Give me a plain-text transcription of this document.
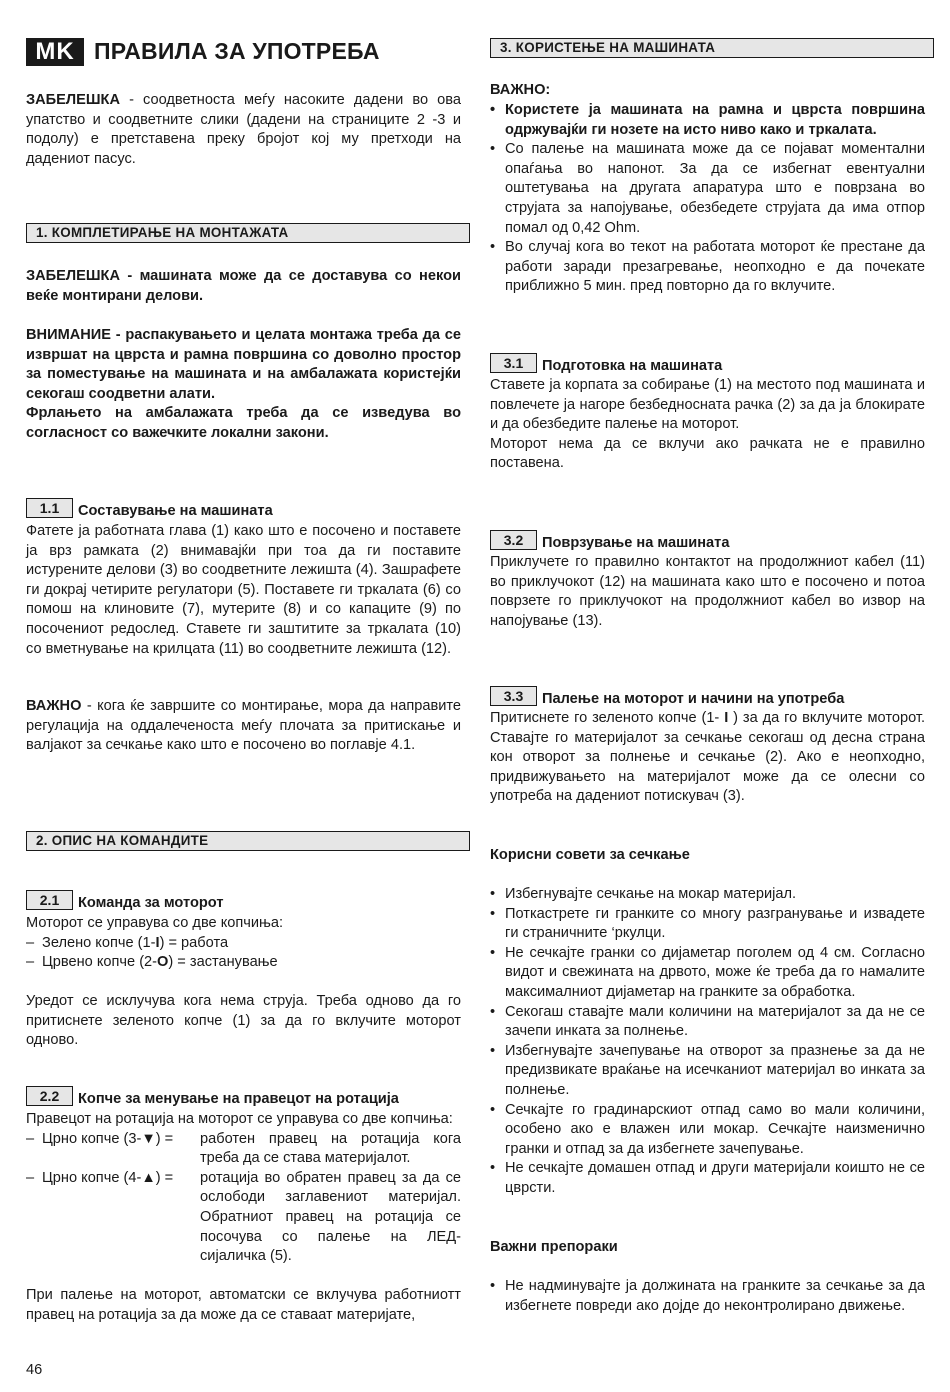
MK ПРАВИЛА ЗА УПОТРЕБА

ЗАБЕЛЕШКА - соодветноста меѓу насоките дадени во ова упатство и соодветните слики (дадени на страниците 2 -3 и подолу) е претставена преку бројот кој му претходи на дадениот пасус.

1. КОМПЛЕТИРАЊЕ НА МОНТАЖАТА

ЗАБЕЛЕШКА - машината може да се доставува со некои веќе монтирани делови.

ВНИМАНИЕ - распакувањето и целата монтажа треба да се извршат на цврста и рамна површина со доволно простор за поместување на машината и на амбалажата користејќи секогаш соодветни алати.

Фрлањето на амбалажата треба да се изведува во согласност со важечките локални закони.

1.1	Составување на машината

Фатете ја работната глава (1) како што е посочено и поставете ја врз рамката (2) внимавајќи при тоа да ги поставите истурените делови (3) во соодветните лежишта (4). Зашрафете ги докрај четирите регулатори (5). Поставете ги тркалата (6) со помош на клиновите (7), мутерите (8) и со капаците (9) по посочениот редослед. Ставете ги заштитите за тркалата (10) со вметнување на крилцата (11) во соодветните лежишта (12).

ВАЖНО - кога ќе завршите со монтирање, мора да направите регулација на оддалеченоста меѓу плочата за притискање и валјакот за сечкање како што е посочено во поглавје 4.1.

2. ОПИС НА КОМАНДИТЕ
2.1	Команда за моторот

Моторот се управува со две копчиња:

– Зелено копче (1-I) = работа
– Црвено копче (2-O) = застанување

Уредот се исклучува кога нема струја. Треба одново да го притиснете зеленото копче (1) за да го вклучите моторот одново.

2.2	Копче за менување на правецот на ротација

Правецот на ротација на моторот се управува со две копчиња:

– Црно копче (3-▼) =	работен правец на ротација кога треба да се става материјалот.
– Црно копче (4-▲) =	ротација во обратен правец за да се ослободи заглавениот материјал. Обратниот правец на ротација се посочува со палење на ЛЕД-сијаличка (5).

При палење на моторот, автоматски се вклучува работниотт правец на ротација за да може да се ставаат материјате,

3. КОРИСТЕЊЕ НА МАШИНАТА

ВАЖНО:

• Користете ја машината на рамна и цврста површина одржувајќи ги нозете на исто ниво како и тркалата.
• Со палење на машината може да се појават моментални опаѓања во напонот. За да се избегнат евентуални оштетувања на другата апаратура што е поврзана во струјата за напојување, обезбедете струјата да има отпор помал од 0,42 Ohm.
• Во случај кога во текот на работата моторот ќе престане да работи заради презагревање, неопходно е да почекате приближно 5 мин. пред повторно да го вклучите.
3.1	Подготовка на машината

Ставете ја корпата за собирање (1) на местото под машината и повлечете ја нагоре безбедносната рачка (2) за да ја блокирате и да обезбедите палење на моторот.

Моторот нема да се вклучи ако рачката не е правилно поставена.

3.2	Поврзување на машината

Приклучете го правилно контактот на продолжниот кабел (11) во приклучокот (12) на машината како што е посочено и потоа поврзете го приклучокот на продолжниот кабел во извор на напојување (13).

3.3	Палење на моторот и начини на употреба

Притиснете го зеленото копче (1- I ) за да го вклучите моторот. Ставајте го материјалот за сечкање секогаш од десна страна кон отворот за полнење и сечкање (2). Ако е неопходно, придвижувањето на материјалот може да се олесни со употреба на дадениот потискувач (3).

Корисни совети за сечкање

• Избегнувајте сечкање на мокар материјал.
• Поткастрете ги гранките со многу разгранување и извадете ги страничните ‘ркулци.
• Не сечкајте гранки со дијаметар поголем од 4 см. Согласно видот и свежината на дрвото, може ќе треба да го намалите максималниот дијаметар на гранките за обработка.
• Секогаш ставајте мали количини на материјалот за да не се зачепи инката за полнење.
• Избегнувајте зачепување на отворот за празнење за да не предизвикате враќање на исечканиот материјал во инката за полнење.
• Сечкајте го градинарскиот отпад само во мали количини, особено ако е влажен или мокар. Сечкајте наизменично гранки и отпад за да избегнете зачепување.
• Не сечкајте домашен отпад и други материјали коишто не се цврсти.

Важни препораки

• Не надминувајте ја должината на гранките за сечкање за да избегнете повреди ако дојде до неконтролирано движење.
46
